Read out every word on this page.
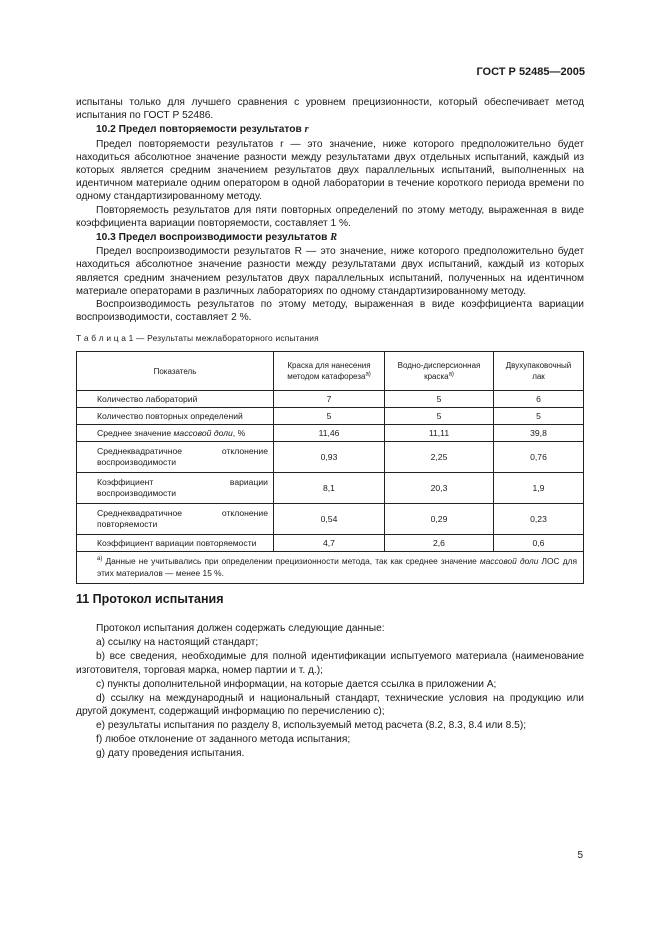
ГОСТ Р 52485—2005

испытаны только для лучшего сравнения с уровнем прецизионности, который обеспечивает метод испытания по ГОСТ Р 52486.

10.2 Предел повторяемости результатов r

Предел повторяемости результатов r — это значение, ниже которого предположительно будет находиться абсолютное значение разности между результатами двух отдельных испытаний, каждый из которых является средним значением результатов двух параллельных испытаний, выполненных на идентичном материале одним оператором в одной лаборатории в течение короткого периода времени по одному стандартизированному методу.

Повторяемость результатов для пяти повторных определений по этому методу, выраженная в виде коэффициента вариации повторяемости, составляет 1 %.

10.3 Предел воспроизводимости результатов R

Предел воспроизводимости результатов R — это значение, ниже которого предположительно будет находиться абсолютное значение разности между результатами двух испытаний, каждый из которых является средним значением результатов двух параллельных испытаний, полученных на идентичном материале операторами в различных лабораториях по одному стандартизированному методу.

Воспроизводимость результатов по этому методу, выраженная в виде коэффициента вариации воспроизводимости, составляет 2 %.

Т а б л и ц а 1 — Результаты межлабораторного испытания
Показатель	Краска для нанесения методом катафореза$^{а)}$	Водно-дисперсионная краска$^{а)}$	Двухупаковочный лак
Количество лабораторий	7	5	6
Количество повторных определений	5	5	5
Среднее значение массовой доли, %	11,46	11,11	39,8
Среднеквадратичное отклонение воспроизводимости	0,93	2,25	0,76
Коэффициент вариации воспроизводимости	8,1	20,3	1,9
Среднеквадратичное отклонение повторяемости	0,54	0,29	0,23
Коэффициент вариации повторяемости	4,7	2,6	0,6
$^{а)}$ Данные не учитывались при определении прецизионности метода, так как среднее значение массовой доли ЛОС для этих материалов — менее 15 %.			
11 Протокол испытания

Протокол испытания должен содержать следующие данные:

a) ссылку на настоящий стандарт;

b) все сведения, необходимые для полной идентификации испытуемого материала (наименование изготовителя, торговая марка, номер партии и т. д.);

c) пункты дополнительной информации, на которые дается ссылка в приложении А;

d) ссылку на международный и национальный стандарт, технические условия на продукцию или другой документ, содержащий информацию по перечислению с);

e) результаты испытания по разделу 8, используемый метод расчета (8.2, 8.3, 8.4 или 8.5);

f) любое отклонение от заданного метода испытания;

g) дату проведения испытания.

5
